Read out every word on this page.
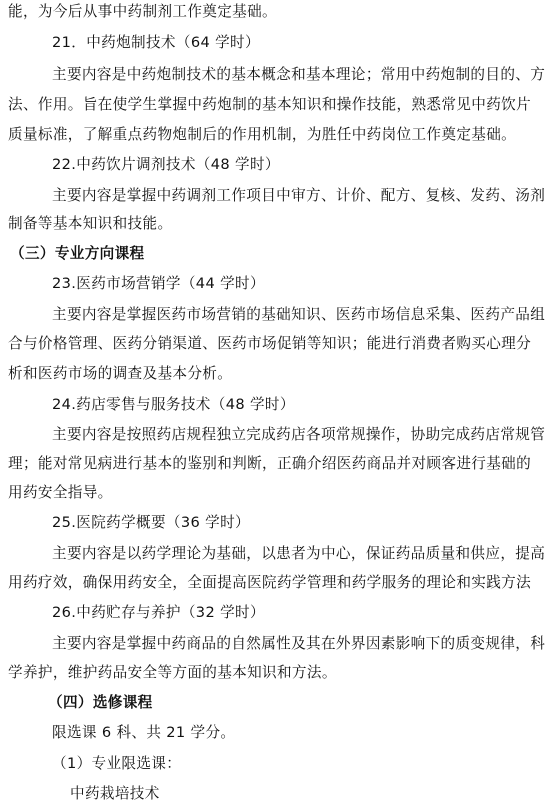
能，为今后从事中药制剂工作奠定基础。
21．中药炮制技术（64 学时）
主要内容是中药炮制技术的基本概念和基本理论；常用中药炮制的目的、方
法、作用。旨在使学生掌握中药炮制的基本知识和操作技能，熟悉常见中药饮片
质量标准，了解重点药物炮制后的作用机制，为胜任中药岗位工作奠定基础。
22.中药饮片调剂技术（48 学时）
主要内容是掌握中药调剂工作项目中审方、计价、配方、复核、发药、汤剂
制备等基本知识和技能。
（三）专业方向课程
23.医药市场营销学（44 学时）
主要内容是掌握医药市场营销的基础知识、医药市场信息采集、医药产品组
合与价格管理、医药分销渠道、医药市场促销等知识；能进行消费者购买心理分
析和医药市场的调查及基本分析。
24.药店零售与服务技术（48 学时）
主要内容是按照药店规程独立完成药店各项常规操作，协助完成药店常规管
理；能对常见病进行基本的鉴别和判断，正确介绍医药商品并对顾客进行基础的
用药安全指导。
25.医院药学概要（36 学时）
主要内容是以药学理论为基础，以患者为中心，保证药品质量和供应，提高
用药疗效，确保用药安全，全面提高医院药学管理和药学服务的理论和实践方法
26.中药贮存与养护（32 学时）
主要内容是掌握中药商品的自然属性及其在外界因素影响下的质变规律，科
学养护，维护药品安全等方面的基本知识和方法。
（四）选修课程
限选课 6 科、共 21 学分。
（1）专业限选课：
中药栽培技术
